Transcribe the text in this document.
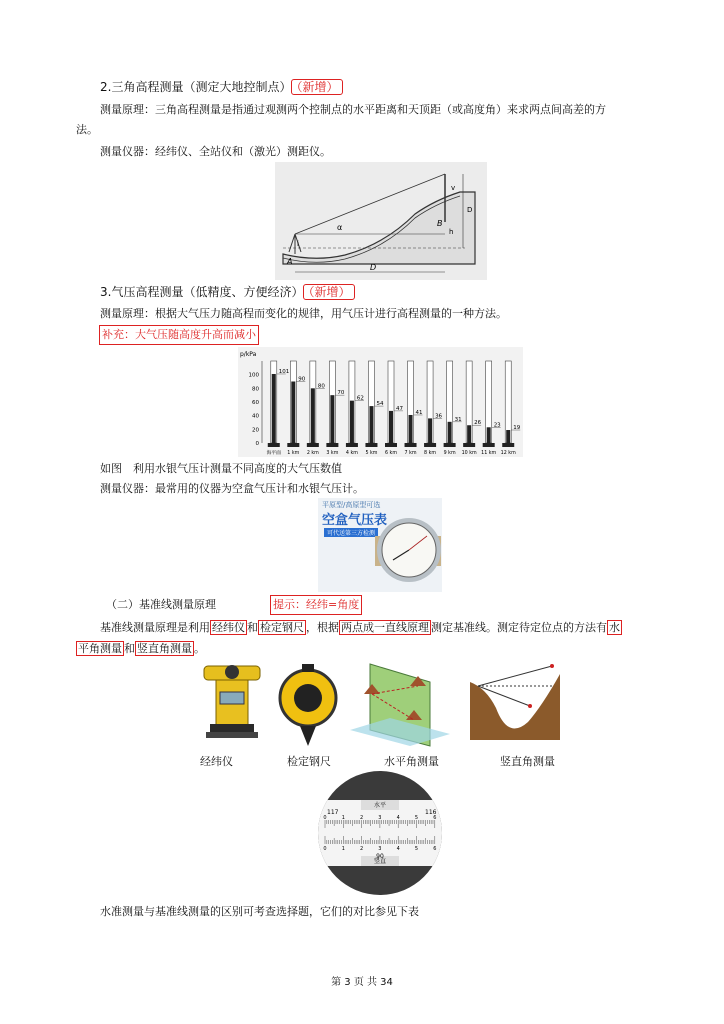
2.三角高程测量（测定大地控制点） （新增）
测量原理：三角高程测量是指通过观测两个控制点的水平距离和天顶距（或高度角）来求两点间高差的方
法。
测量仪器：经纬仪、全站仪和（激光）测距仪。
A
B
D
α
v
i
h
D
3.气压高程测量（低精度、方便经济） （新增）
测量原理：根据大气压力随高程而变化的规律，用气压计进行高程测量的一种方法。
补充：大气压随高度升高而减小
p/kPa
0
20
40
60
80
100
101
海平面
90
1 km
80
2 km
70
3 km
62
4 km
54
5 km
47
6 km
41
7 km
36
8 km
31
9 km
26
10 km
23
11 km
19
12 km
如图　利用水银气压计测量不同高度的大气压数值
测量仪器：最常用的仪器为空盒气压计和水银气压计。
平原型/高原型可选
空盒气压表
可代送第三方检测
（二）基准线测量原理	提示：经纬=角度
基准线测量原理是利用 经纬仪 和 检定钢尺 ，根据 两点成一直线原理 测定基准线。测定待定位点的方法有 水
平角测量 和 竖直角测量 。
经纬仪	检定钢尺	水平角测量	竖直角测量
水平
竖直
117	116
90
0
0
1
1
2
2
3
3
4
4
5
5
6
6
水准测量与基准线测量的区别可考查选择题，它们的对比参见下表
第 3 页 共 34
